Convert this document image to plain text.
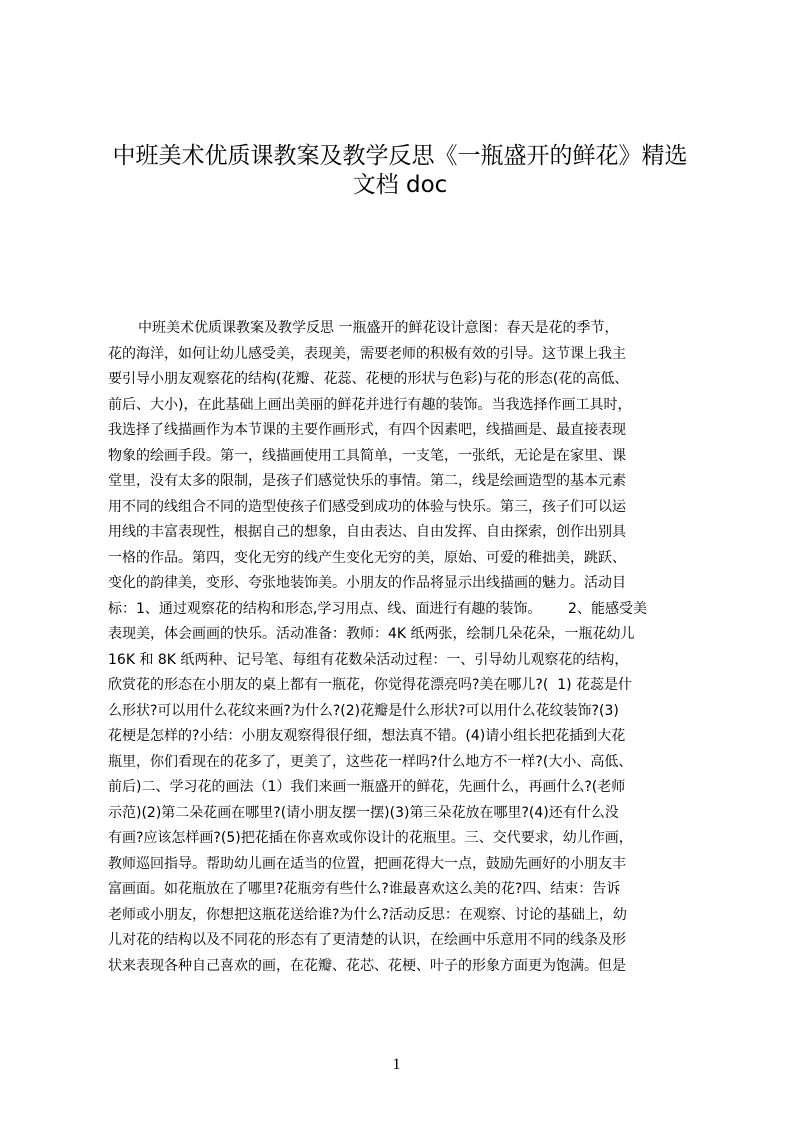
中班美术优质课教案及教学反思《一瓶盛开的鲜花》精选
文档 doc
中班美术优质课教案及教学反思 一瓶盛开的鲜花设计意图：春天是花的季节，
花的海洋，如何让幼儿感受美，表现美，需要老师的积极有效的引导。这节课上我主
要引导小朋友观察花的结构(花瓣、花蕊、花梗的形状与色彩)与花的形态(花的高低、
前后、大小)，在此基础上画出美丽的鲜花并进行有趣的装饰。当我选择作画工具时，
我选择了线描画作为本节课的主要作画形式，有四个因素吧，线描画是、最直接表现
物象的绘画手段。第一，线描画使用工具简单，一支笔，一张纸，无论是在家里、课
堂里，没有太多的限制，是孩子们感觉快乐的事情。第二，线是绘画造型的基本元素
用不同的线组合不同的造型使孩子们感受到成功的体验与快乐。第三，孩子们可以运
用线的丰富表现性，根据自己的想象，自由表达、自由发挥、自由探索，创作出别具
一格的作品。第四，变化无穷的线产生变化无穷的美，原始、可爱的稚拙美，跳跃、
变化的韵律美，变形、夸张地装饰美。小朋友的作品将显示出线描画的魅力。活动目
标：1、通过观察花的结构和形态,学习用点、线、面进行有趣的装饰。      2、能感受美
表现美，体会画画的快乐。活动准备：教师：4K 纸两张，绘制几朵花朵，一瓶花幼儿
16K 和 8K 纸两种、记号笔、每组有花数朵活动过程：一、引导幼儿观察花的结构，
欣赏花的形态在小朋友的桌上都有一瓶花，你觉得花漂亮吗?美在哪儿?(  1) 花蕊是什
么形状?可以用什么花纹来画?为什么?(2)花瓣是什么形状?可以用什么花纹装饰?(3)
花梗是怎样的?小结：小朋友观察得很仔细，想法真不错。(4)请小组长把花插到大花
瓶里，你们看现在的花多了，更美了，这些花一样吗?什么地方不一样?(大小、高低、
前后)二、学习花的画法（1）我们来画一瓶盛开的鲜花，先画什么，再画什么?(老师
示范)(2)第二朵花画在哪里?(请小朋友摆一摆)(3)第三朵花放在哪里?(4)还有什么没
有画?应该怎样画?(5)把花插在你喜欢或你设计的花瓶里。三、交代要求，幼儿作画，
教师巡回指导。帮助幼儿画在适当的位置，把画花得大一点，鼓励先画好的小朋友丰
富画面。如花瓶放在了哪里?花瓶旁有些什么?谁最喜欢这么美的花?四、结束：告诉
老师或小朋友，你想把这瓶花送给谁?为什么?活动反思：在观察、讨论的基础上，幼
儿对花的结构以及不同花的形态有了更清楚的认识，在绘画中乐意用不同的线条及形
状来表现各种自己喜欢的画，在花瓣、花芯、花梗、叶子的形象方面更为饱满。但是
1
